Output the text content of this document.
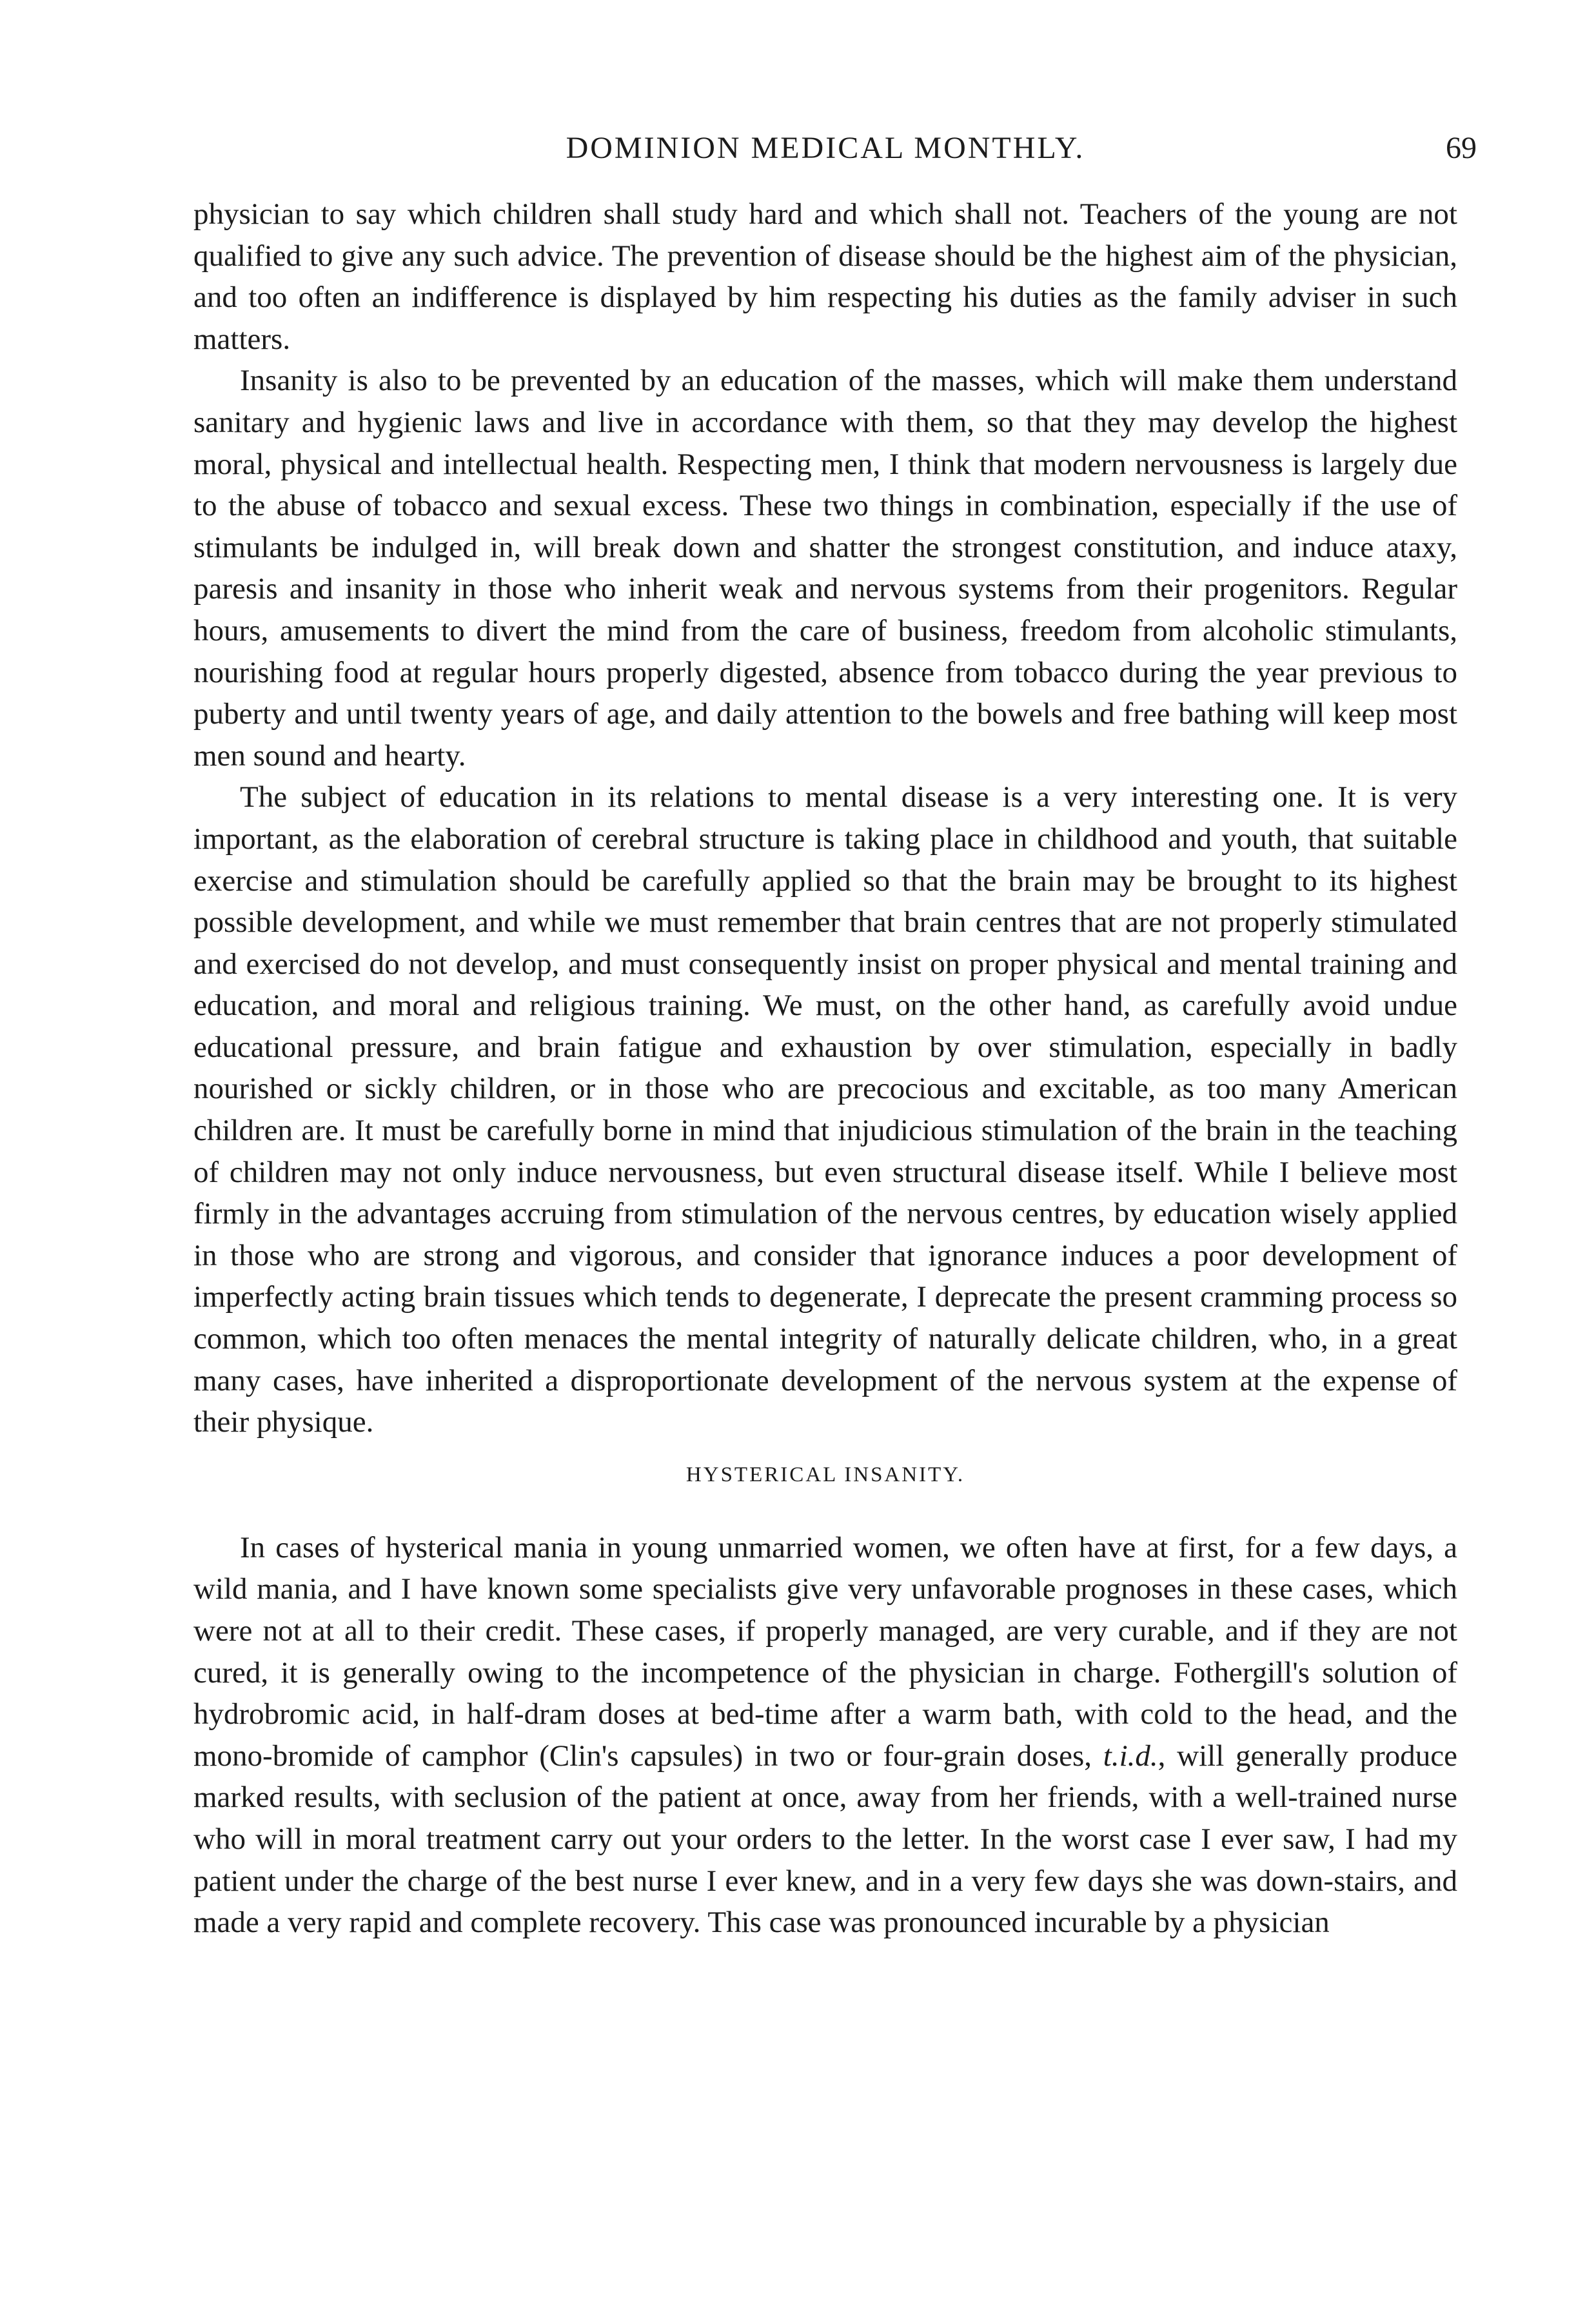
DOMINION MEDICAL MONTHLY.	69

physician to say which children shall study hard and which shall not. Teachers of the young are not qualified to give any such advice. The prevention of disease should be the highest aim of the physician, and too often an indifference is displayed by him respecting his duties as the family adviser in such matters.

Insanity is also to be prevented by an education of the masses, which will make them understand sanitary and hygienic laws and live in accordance with them, so that they may develop the highest moral, physical and intellectual health. Respecting men, I think that modern nervousness is largely due to the abuse of tobacco and sexual excess. These two things in combination, especially if the use of stimulants be indulged in, will break down and shatter the strongest constitution, and induce ataxy, paresis and insanity in those who inherit weak and nervous systems from their progenitors. Regular hours, amusements to divert the mind from the care of business, freedom from alcoholic stimulants, nourishing food at regular hours properly digested, absence from tobacco during the year previous to puberty and until twenty years of age, and daily attention to the bowels and free bathing will keep most men sound and hearty.

The subject of education in its relations to mental disease is a very interesting one. It is very important, as the elaboration of cerebral structure is taking place in childhood and youth, that suitable exercise and stimulation should be carefully applied so that the brain may be brought to its highest possible development, and while we must remember that brain centres that are not properly stimulated and exercised do not develop, and must consequently insist on proper physical and mental training and education, and moral and religious training. We must, on the other hand, as carefully avoid undue educational pressure, and brain fatigue and exhaustion by over stimulation, especially in badly nourished or sickly children, or in those who are precocious and excitable, as too many American children are. It must be carefully borne in mind that injudicious stimulation of the brain in the teaching of children may not only induce nervousness, but even structural disease itself. While I believe most firmly in the advantages accruing from stimulation of the nervous centres, by education wisely applied in those who are strong and vigorous, and consider that ignorance induces a poor development of imperfectly acting brain tissues which tends to degenerate, I deprecate the present cramming process so common, which too often menaces the mental integrity of naturally delicate children, who, in a great many cases, have inherited a disproportionate development of the nervous system at the expense of their physique.

HYSTERICAL INSANITY.

In cases of hysterical mania in young unmarried women, we often have at first, for a few days, a wild mania, and I have known some specialists give very unfavorable prognoses in these cases, which were not at all to their credit. These cases, if properly managed, are very curable, and if they are not cured, it is generally owing to the incompetence of the physician in charge. Fothergill's solution of hydrobromic acid, in half-dram doses at bed-time after a warm bath, with cold to the head, and the mono-bromide of camphor (Clin's capsules) in two or four-grain doses, t.i.d., will generally produce marked results, with seclusion of the patient at once, away from her friends, with a well-trained nurse who will in moral treatment carry out your orders to the letter. In the worst case I ever saw, I had my patient under the charge of the best nurse I ever knew, and in a very few days she was down-stairs, and made a very rapid and complete recovery. This case was pronounced incurable by a physician
